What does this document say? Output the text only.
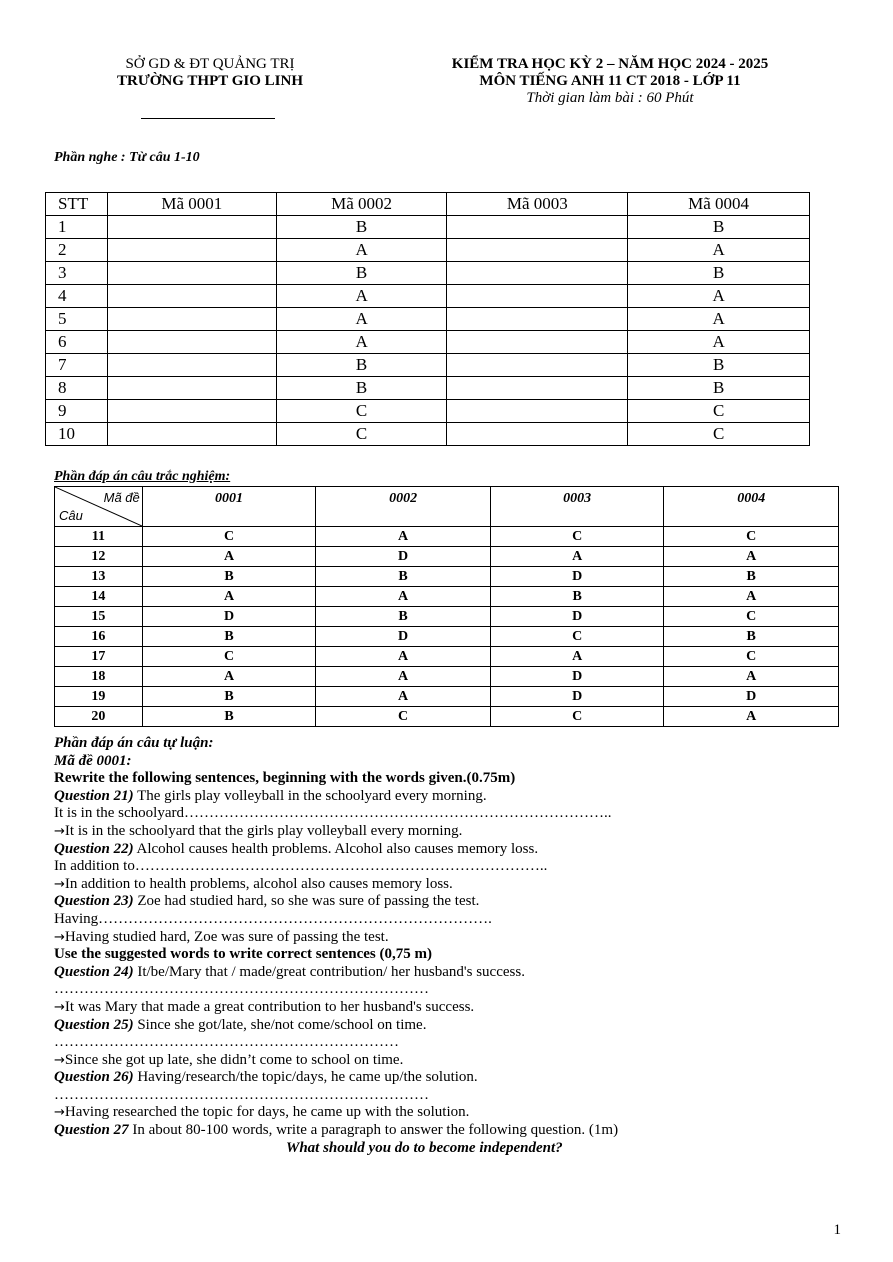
SỞ GD & ĐT QUẢNG TRỊ
TRƯỜNG THPT GIO LINH
KIỂM TRA HỌC KỲ 2 – NĂM HỌC 2024 - 2025
MÔN TIẾNG ANH 11 CT 2018 - LỚP 11
Thời gian làm bài : 60 Phút
Phần nghe : Từ câu 1-10
STT	Mã 0001	Mã 0002	Mã 0003	Mã 0004
1		B		B
2		A		A
3		B		B
4		A		A
5		A		A
6		A		A
7		B		B
8		B		B
9		C		C
10		C		C
Phần đáp án câu trắc nghiệm:
Mã đề
Câu	0001	0002	0003	0004
11	C	A	C	C
12	A	D	A	A
13	B	B	D	B
14	A	A	B	A
15	D	B	D	C
16	B	D	C	B
17	C	A	A	C
18	A	A	D	A
19	B	A	D	D
20	B	C	C	A

Phần đáp án câu tự luận:

Mã đề 0001:

Rewrite the following sentences, beginning with the words given.(0.75m)

Question 21) The girls play volleyball in the schoolyard every morning.

It is in the schoolyard…………………………………………………………………………..

→It is in the schoolyard that the girls play volleyball every morning.

Question 22) Alcohol causes health problems. Alcohol also causes memory loss.

In addition to………………………………………………………………………..

→In addition to health problems, alcohol also causes memory loss.

Question 23) Zoe had studied hard, so she was sure of passing the test.

Having…………………………………………………………………….

→Having studied hard, Zoe was sure of passing the test.

Use the suggested words to write correct sentences (0,75 m)

Question 24) It/be/Mary that / made/great contribution/ her husband's success.

…………………………………………………………………

→It was Mary that made a great contribution to her husband's success.

Question 25) Since she got/late, she/not come/school on time.

……………………………………………………………

→Since she got up late, she didn’t come to school on time.

Question 26) Having/research/the topic/days, he came up/the solution.

…………………………………………………………………

→Having researched the topic for days, he came up with the solution.

Question 27 In about 80-100 words, write a paragraph to answer the following question. (1m)

What should you do to become independent?

1
